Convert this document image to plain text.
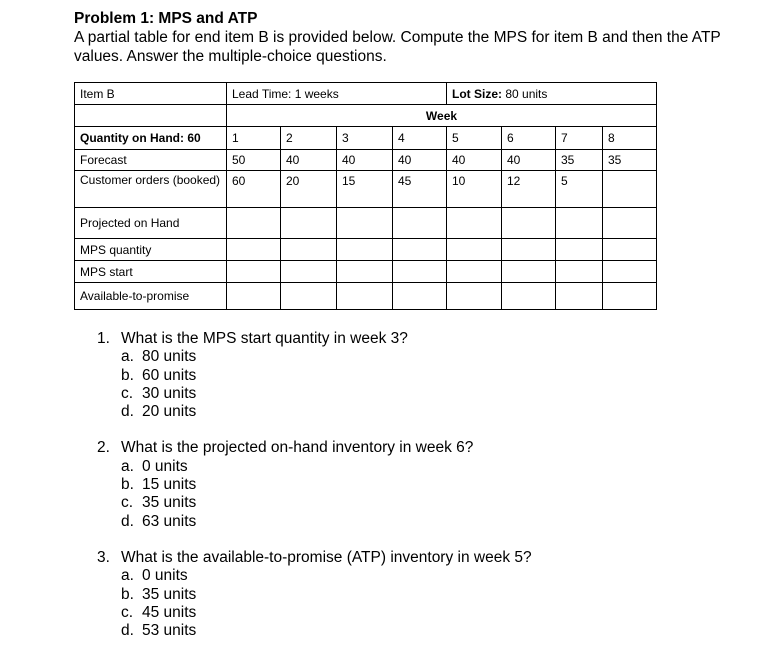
Problem 1: MPS and ATP

A partial table for end item B is provided below. Compute the MPS for item B and then the ATP values. Answer the multiple-choice questions.

Item B	Lead Time: 1 weeks				Lot Size: 80 units			
	Week							
Quantity on Hand: 60	1	2	3	4	5	6	7	8
Forecast	50	40	40	40	40	40	35	35
Customer orders (booked)	60	20	15	45	10	12	5	
Projected on Hand								
MPS quantity								
MPS start								
Available-to-promise								

1. What is the MPS start quantity in week 3?

a. 80 units
b. 60 units
c. 30 units
d. 20 units

2. What is the projected on-hand inventory in week 6?

a. 0 units
b. 15 units
c. 35 units
d. 63 units

3. What is the available-to-promise (ATP) inventory in week 5?

a. 0 units
b. 35 units
c. 45 units
d. 53 units
